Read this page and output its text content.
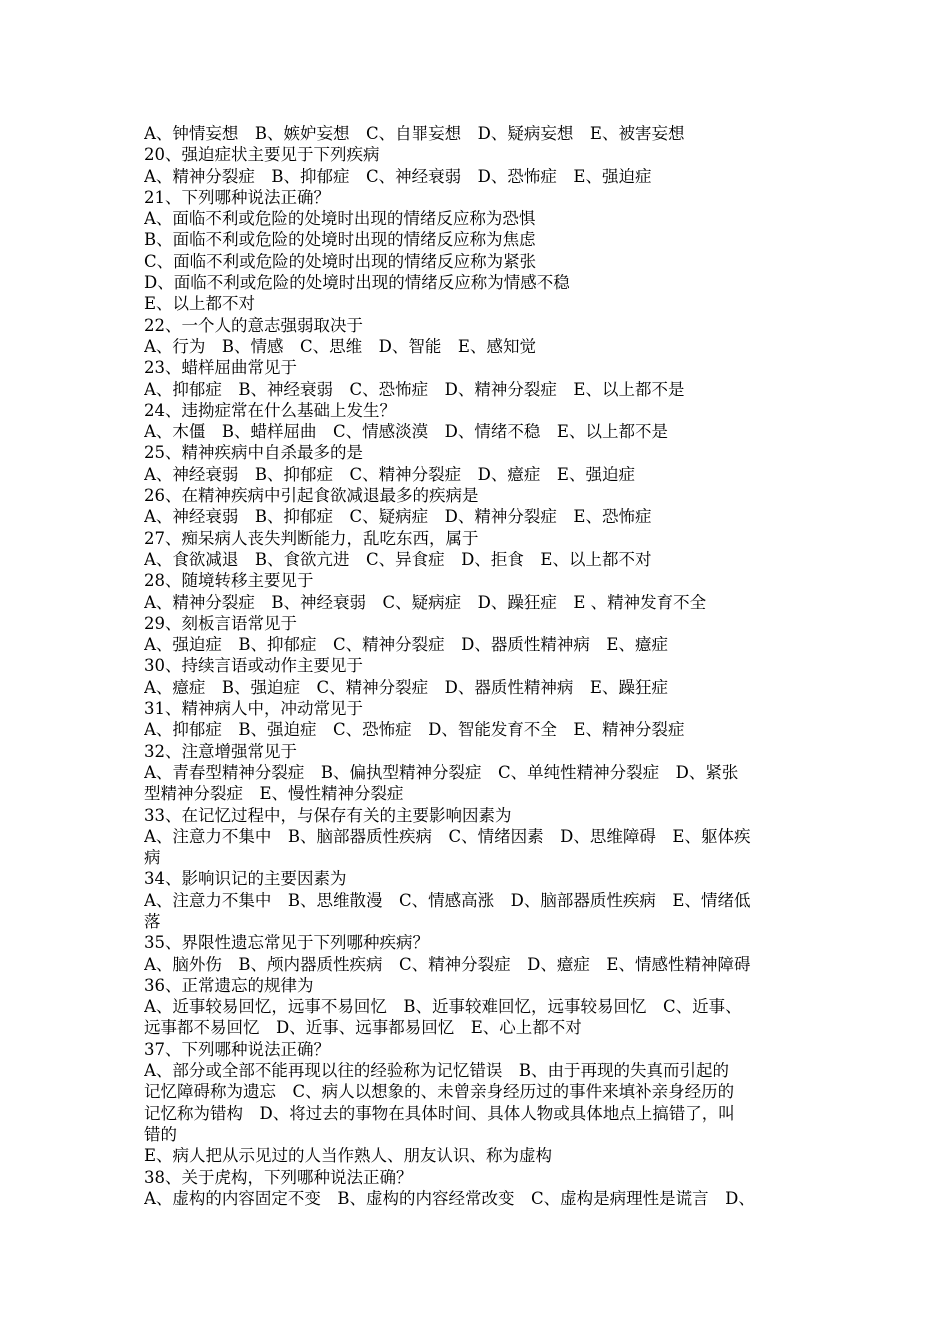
A、钟情妄想　B、嫉妒妄想　C、自罪妄想　D、疑病妄想　E、被害妄想
20、强迫症状主要见于下列疾病
A、精神分裂症　B、抑郁症　C、神经衰弱　D、恐怖症　E、强迫症
21、下列哪种说法正确？
A、面临不利或危险的处境时出现的情绪反应称为恐惧
B、面临不利或危险的处境时出现的情绪反应称为焦虑
C、面临不利或危险的处境时出现的情绪反应称为紧张
D、面临不利或危险的处境时出现的情绪反应称为情感不稳
E、以上都不对
22、一个人的意志强弱取决于
A、行为　B、情感　C、思维　D、智能　E、感知觉
23、蜡样屈曲常见于
A、抑郁症　B、神经衰弱　C、恐怖症　D、精神分裂症　E、以上都不是
24、违拗症常在什么基础上发生？
A、木僵　B、蜡样屈曲　C、情感淡漠　D、情绪不稳　E、以上都不是
25、精神疾病中自杀最多的是
A、神经衰弱　B、抑郁症　C、精神分裂症　D、癔症　E、强迫症
26、在精神疾病中引起食欲减退最多的疾病是
A、神经衰弱　B、抑郁症　C、疑病症　D、精神分裂症　E、恐怖症
27、痴呆病人丧失判断能力，乱吃东西，属于
A、食欲减退　B、食欲亢进　C、异食症　D、拒食　E、以上都不对
28、随境转移主要见于
A、精神分裂症　B、神经衰弱　C、疑病症　D、躁狂症　E 、精神发育不全
29、刻板言语常见于
A、强迫症　B、抑郁症　C、精神分裂症　D、器质性精神病　E、癔症
30、持续言语或动作主要见于
A、癔症　B、强迫症　C、精神分裂症　D、器质性精神病　E、躁狂症
31、精神病人中，冲动常见于
A、抑郁症　B、强迫症　C、恐怖症　D、智能发育不全　E、精神分裂症
32、注意增强常见于
A、青春型精神分裂症　B、偏执型精神分裂症　C、单纯性精神分裂症　D、紧张
型精神分裂症　E、慢性精神分裂症
33、在记忆过程中，与保存有关的主要影响因素为
A、注意力不集中　B、脑部器质性疾病　C、情绪因素　D、思维障碍　E、躯体疾
病
34、影响识记的主要因素为
A、注意力不集中　B、思维散漫　C、情感高涨　D、脑部器质性疾病　E、情绪低
落
35、界限性遗忘常见于下列哪种疾病？
A、脑外伤　B、颅内器质性疾病　C、精神分裂症　D、癔症　E、情感性精神障碍
36、正常遗忘的规律为
A、近事较易回忆，远事不易回忆　B、近事较难回忆，远事较易回忆　C、近事、
远事都不易回忆　D、近事、远事都易回忆　E、心上都不对
37、下列哪种说法正确？
A、部分或全部不能再现以往的经验称为记忆错误　B、由于再现的失真而引起的
记忆障碍称为遗忘　C、病人以想象的、未曾亲身经历过的事件来填补亲身经历的
记忆称为错构　D、将过去的事物在具体时间、具体人物或具体地点上搞错了，叫
错的
E、病人把从示见过的人当作熟人、朋友认识、称为虚构
38、关于虎构，下列哪种说法正确？
A、虚构的内容固定不变　B、虚构的内容经常改变　C、虚构是病理性是谎言　D、
